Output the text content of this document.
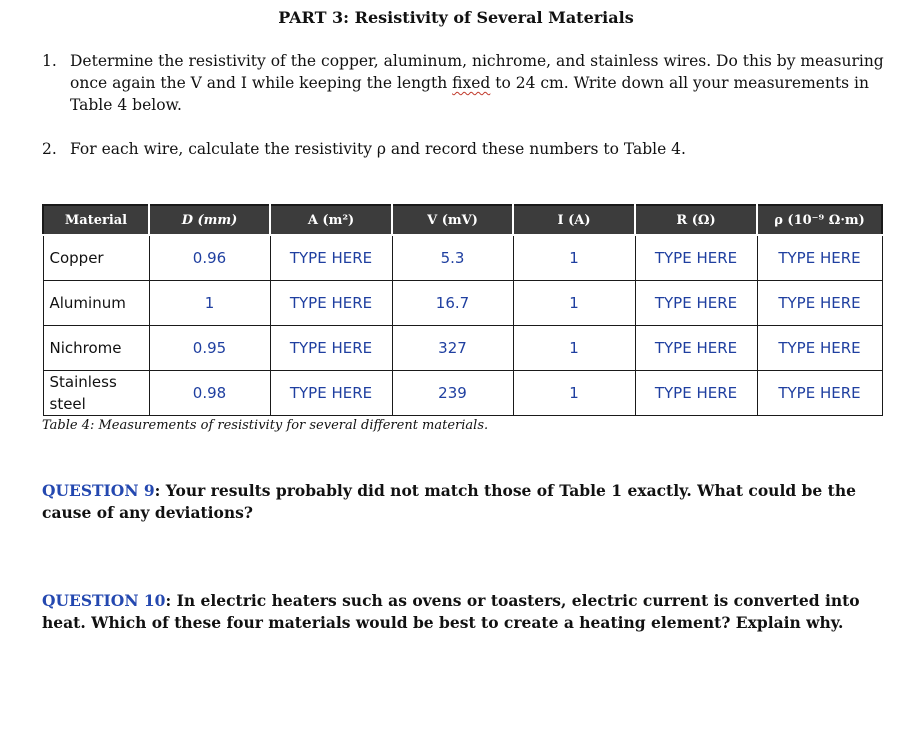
PART 3: Resistivity of Several Materials
1. Determine the resistivity of the copper, aluminum, nichrome, and stainless wires. Do this by measuring once again the V and I while keeping the length fixed to 24 cm. Write down all your measurements in Table 4 below.
2. For each wire, calculate the resistivity ρ and record these numbers to Table 4.
Material	D (mm)	A (m²)	V (mV)	I (A)	R (Ω)	ρ (10⁻⁹ Ω·m)
Copper	0.96	TYPE HERE	5.3	1	TYPE HERE	TYPE HERE
Aluminum	1	TYPE HERE	16.7	1	TYPE HERE	TYPE HERE
Nichrome	0.95	TYPE HERE	327	1	TYPE HERE	TYPE HERE
Stainless steel	0.98	TYPE HERE	239	1	TYPE HERE	TYPE HERE
Table 4: Measurements of resistivity for several different materials.
QUESTION 9: Your results probably did not match those of Table 1 exactly. What could be the cause of any deviations?
QUESTION 10: In electric heaters such as ovens or toasters, electric current is converted into heat. Which of these four materials would be best to create a heating element? Explain why.
